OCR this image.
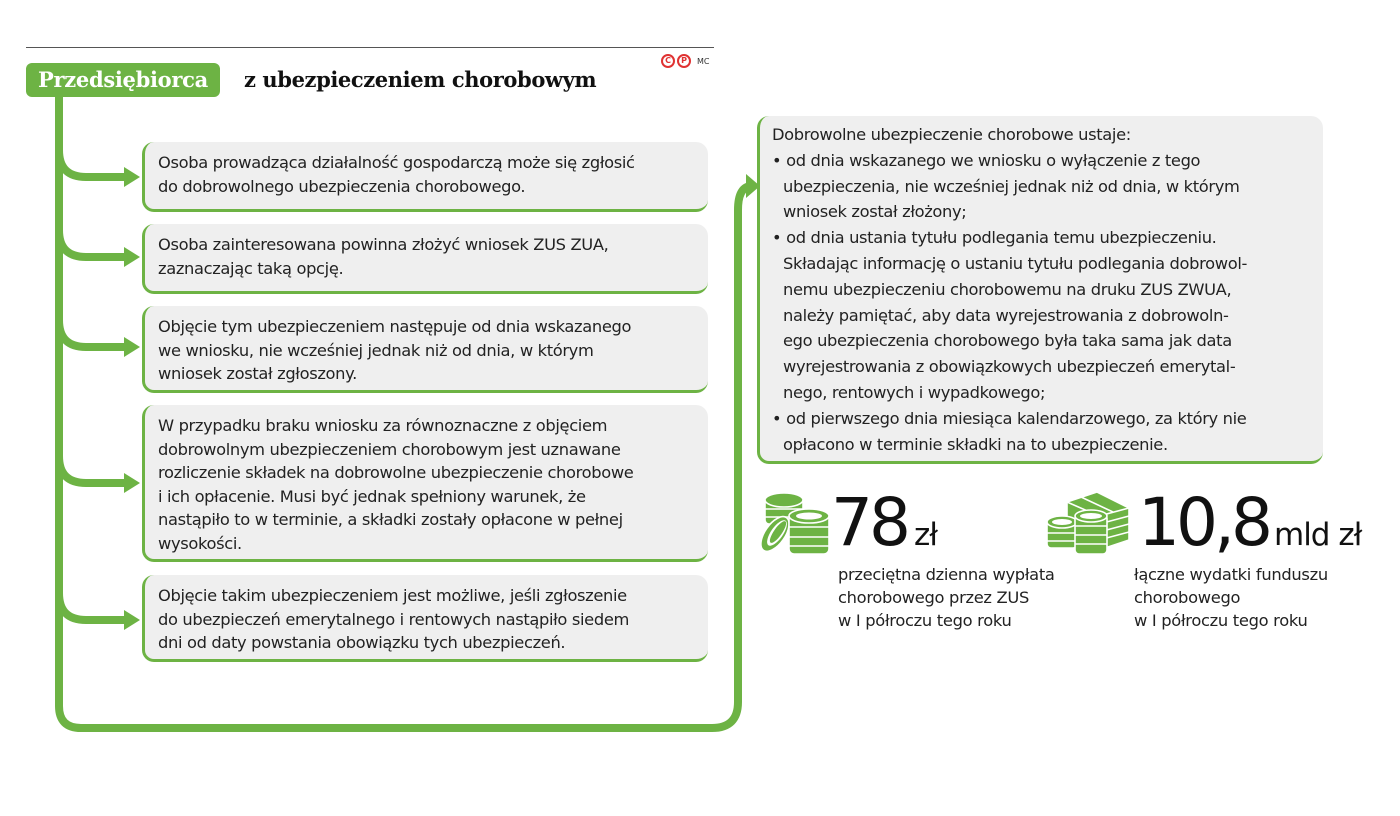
Przedsiębiorca	z ubezpieczeniem chorobowym
C	P	MC

Osoba prowadząca działalność gospodarczą może się zgłosić

do dobrowolnego ubezpieczenia chorobowego.

Osoba zainteresowana powinna złożyć wniosek ZUS ZUA,

zaznaczając taką opcję.

Objęcie tym ubezpieczeniem następuje od dnia wskazanego

we wniosku, nie wcześniej jednak niż od dnia, w którym

wniosek został zgłoszony.

W przypadku braku wniosku za równoznaczne z objęciem

dobrowolnym ubezpieczeniem chorobowym jest uznawane

rozliczenie składek na dobrowolne ubezpieczenie chorobowe

i ich opłacenie. Musi być jednak spełniony warunek, że

nastąpiło to w terminie, a składki zostały opłacone w pełnej

wysokości.

Objęcie takim ubezpieczeniem jest możliwe, jeśli zgłoszenie

do ubezpieczeń emerytalnego i rentowych nastąpiło siedem

dni od daty powstania obowiązku tych ubezpieczeń.

Dobrowolne ubezpieczenie chorobowe ustaje:

• od dnia wskazanego we wniosku o wyłączenie z tego

ubezpieczenia, nie wcześniej jednak niż od dnia, w którym

wniosek został złożony;

• od dnia ustania tytułu podlegania temu ubezpieczeniu.

Składając informację o ustaniu tytułu podlegania dobrowol-

nemu ubezpieczeniu chorobowemu na druku ZUS ZWUA,

należy pamiętać, aby data wyrejestrowania z dobrowoln-

ego ubezpieczenia chorobowego była taka sama jak data

wyrejestrowania z obowiązkowych ubezpieczeń emerytal-

nego, rentowych i wypadkowego;

• od pierwszego dnia miesiąca kalendarzowego, za który nie

opłacono w terminie składki na to ubezpieczenie.

78 zł

przeciętna dzienna wypłata

chorobowego przez ZUS

w I półroczu tego roku

10,8 mld zł

łączne wydatki funduszu

chorobowego

w I półroczu tego roku
